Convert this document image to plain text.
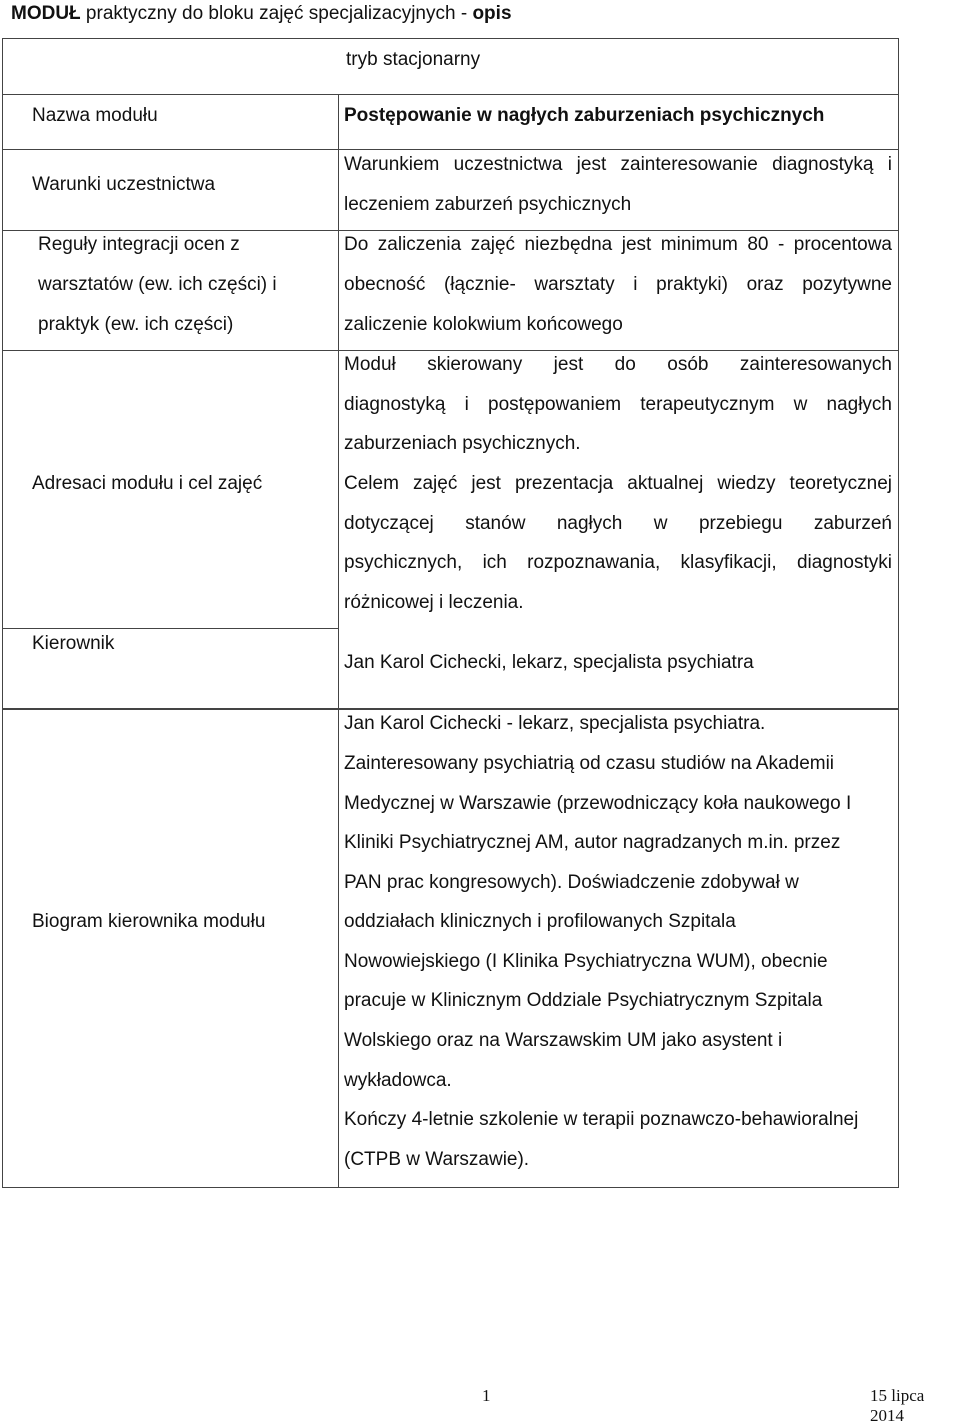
MODUŁ praktyczny do bloku zajęć specjalizacyjnych - opis
tryb stacjonarny
Nazwa modułu	Postępowanie w nagłych zaburzeniach psychicznych
Warunki uczestnictwa
Warunkiem uczestnictwa jest zainteresowanie diagnostyką i
leczeniem zaburzeń psychicznych
Reguły integracji ocen z
warsztatów (ew. ich części) i
praktyk (ew. ich części)
Do zaliczenia zajęć niezbędna jest minimum 80 - procentowa
obecność (łącznie- warsztaty i praktyki) oraz pozytywne
zaliczenie kolokwium końcowego
Adresaci modułu i cel zajęć
Moduł skierowany jest do osób zainteresowanych
diagnostyką i postępowaniem terapeutycznym w nagłych
zaburzeniach psychicznych.
Celem zajęć jest prezentacja aktualnej wiedzy teoretycznej
dotyczącej stanów nagłych w przebiegu zaburzeń
psychicznych, ich rozpoznawania, klasyfikacji, diagnostyki
różnicowej i leczenia.
Kierownik
Jan Karol Cichecki, lekarz, specjalista psychiatra
Biogram kierownika modułu
Jan Karol Cichecki - lekarz, specjalista psychiatra.
Zainteresowany psychiatrią od czasu studiów na Akademii
Medycznej w Warszawie (przewodniczący koła naukowego I
Kliniki Psychiatrycznej AM, autor nagradzanych m.in. przez
PAN prac kongresowych). Doświadczenie zdobywał w
oddziałach klinicznych i profilowanych Szpitala
Nowowiejskiego (I Klinika Psychiatryczna WUM), obecnie
pracuje w Klinicznym Oddziale Psychiatrycznym Szpitala
Wolskiego oraz na Warszawskim UM jako asystent i
wykładowca.
Kończy 4-letnie szkolenie w terapii poznawczo-behawioralnej
(CTPB w Warszawie).
1	15 lipca 2014
